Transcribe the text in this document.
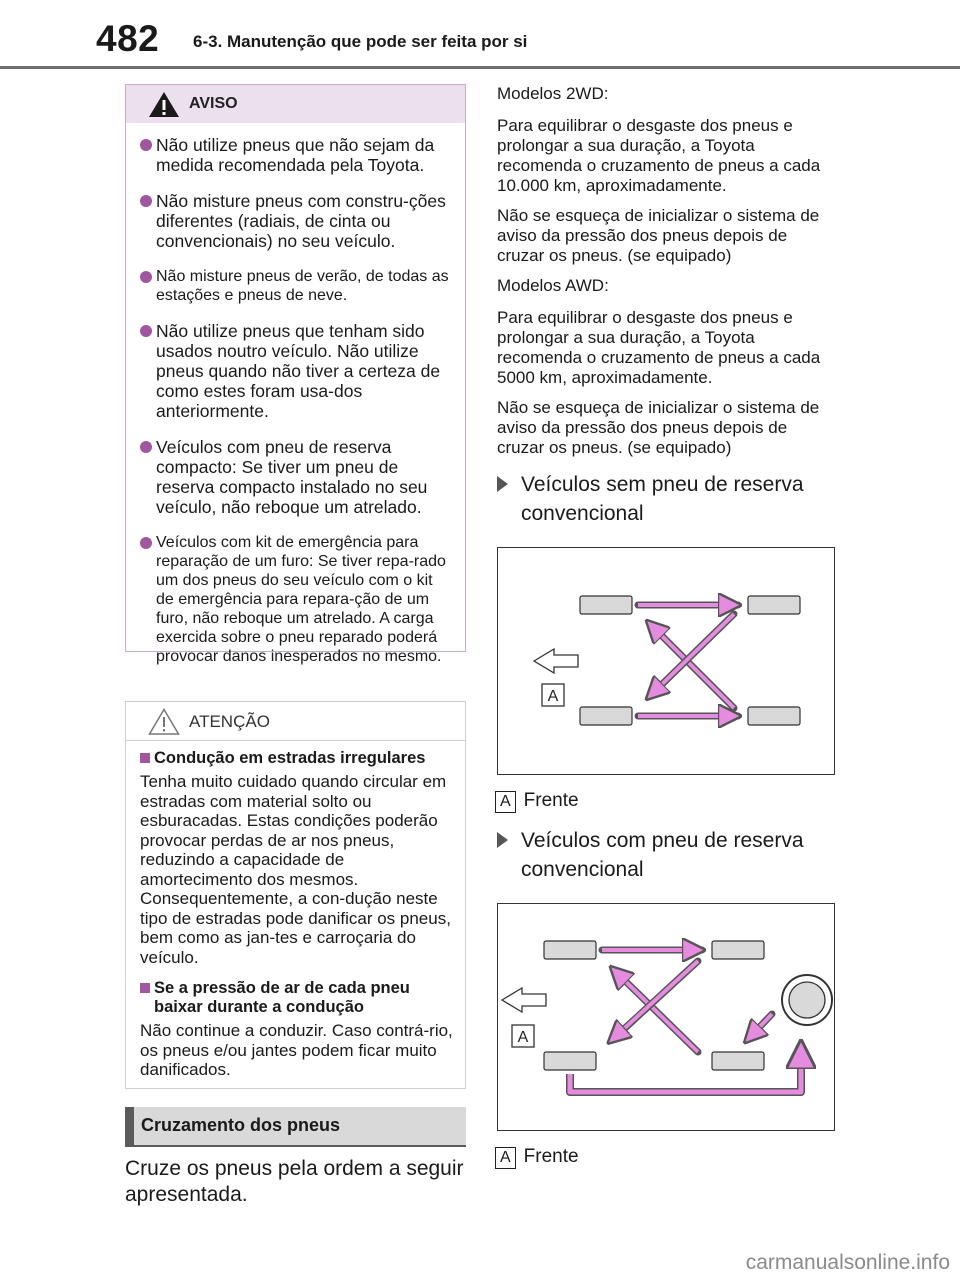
482 6-3. Manutenção que pode ser feita por si
AVISO
Não utilize pneus que não sejam da medida recomendada pela Toyota.
Não misture pneus com constru-ções diferentes (radiais, de cinta ou convencionais) no seu veículo.
Não misture pneus de verão, de todas as estações e pneus de neve.
Não utilize pneus que tenham sido usados noutro veículo. Não utilize pneus quando não tiver a certeza de como estes foram usa-dos anteriormente.
Veículos com pneu de reserva compacto: Se tiver um pneu de reserva compacto instalado no seu veículo, não reboque um atrelado.
Veículos com kit de emergência para reparação de um furo: Se tiver repa-rado um dos pneus do seu veículo com o kit de emergência para repara-ção de um furo, não reboque um atrelado. A carga exercida sobre o pneu reparado poderá provocar danos inesperados no mesmo.
ATENÇÃO
Condução em estradas irregulares
Tenha muito cuidado quando circular em estradas com material solto ou esburacadas. Estas condições poderão provocar perdas de ar nos pneus, reduzindo a capacidade de amortecimento dos mesmos. Consequentemente, a con-dução neste tipo de estradas pode danificar os pneus, bem como as jan-tes e carroçaria do veículo.
Se a pressão de ar de cada pneu baixar durante a condução
Não continue a conduzir. Caso contrá-rio, os pneus e/ou jantes podem ficar muito danificados.
Cruzamento dos pneus
Cruze os pneus pela ordem a seguir apresentada.

Modelos 2WD:

Para equilibrar o desgaste dos pneus e prolongar a sua duração, a Toyota recomenda o cruzamento de pneus a cada 10.000 km, aproximadamente.

Não se esqueça de inicializar o sistema de aviso da pressão dos pneus depois de cruzar os pneus. (se equipado)

Modelos AWD:

Para equilibrar o desgaste dos pneus e prolongar a sua duração, a Toyota recomenda o cruzamento de pneus a cada 5000 km, aproximadamente.

Não se esqueça de inicializar o sistema de aviso da pressão dos pneus depois de cruzar os pneus. (se equipado)

Veículos sem pneu de reserva convencional
A
A Frente
Veículos com pneu de reserva convencional
A
A Frente
carmanualsonline.info
